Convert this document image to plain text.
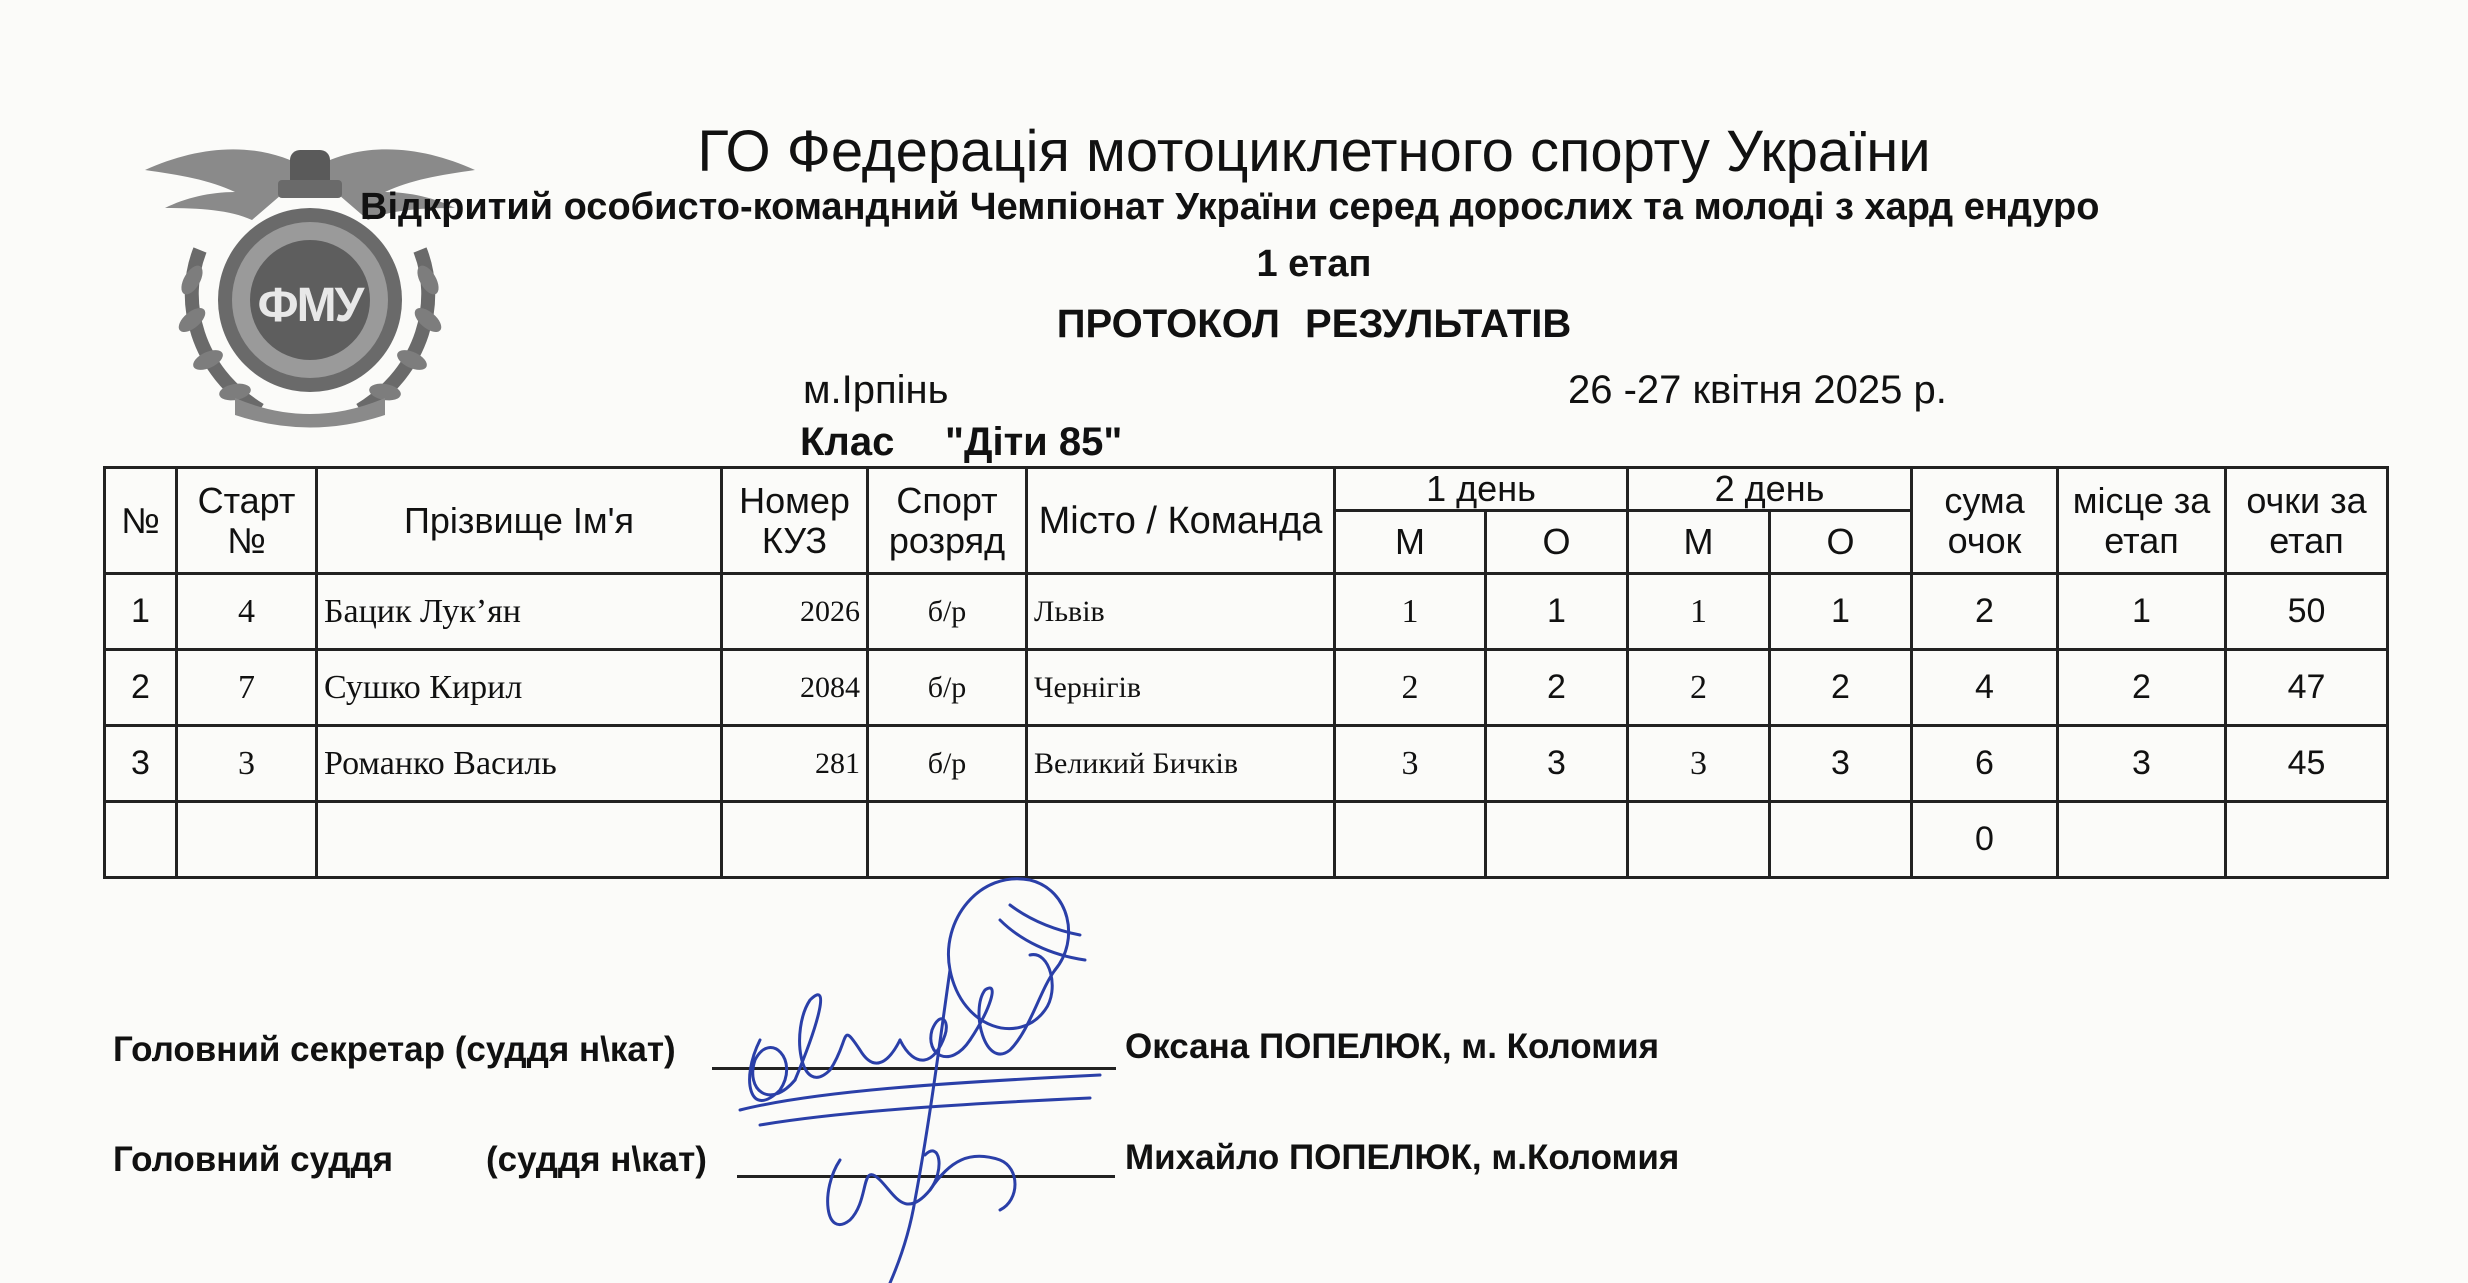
ФМУ
ГО Федерація мотоциклетного спорту України
Відкритий особисто-командний Чемпіонат України серед дорослих та молоді з хард ендуро
1 етап
ПРОТОКОЛ РЕЗУЛЬТАТІВ
м.Ірпінь	26 -27 квітня 2025 р.
Клас "Діти 85"
№	Старт №	Прізвище Ім'я	Номер КУЗ	Спорт розряд	Місто / Команда	1 день		2 день		сума очок	місце за етап	очки за етап
						М	О	М	О			
1	4	Бацик Лук’ян	2026	б/р	Львів	1	1	1	1	2	1	50
2	7	Сушко Кирил	2084	б/р	Чернігів	2	2	2	2	4	2	47
3	3	Романко Василь	281	б/р	Великий Бичків	3	3	3	3	6	3	45
										0		
Головний секретар (суддя н\кат)	Оксана ПОПЕЛЮК, м. Коломия
Головний суддя	(суддя н\кат)	Михайло ПОПЕЛЮК, м.Коломия
